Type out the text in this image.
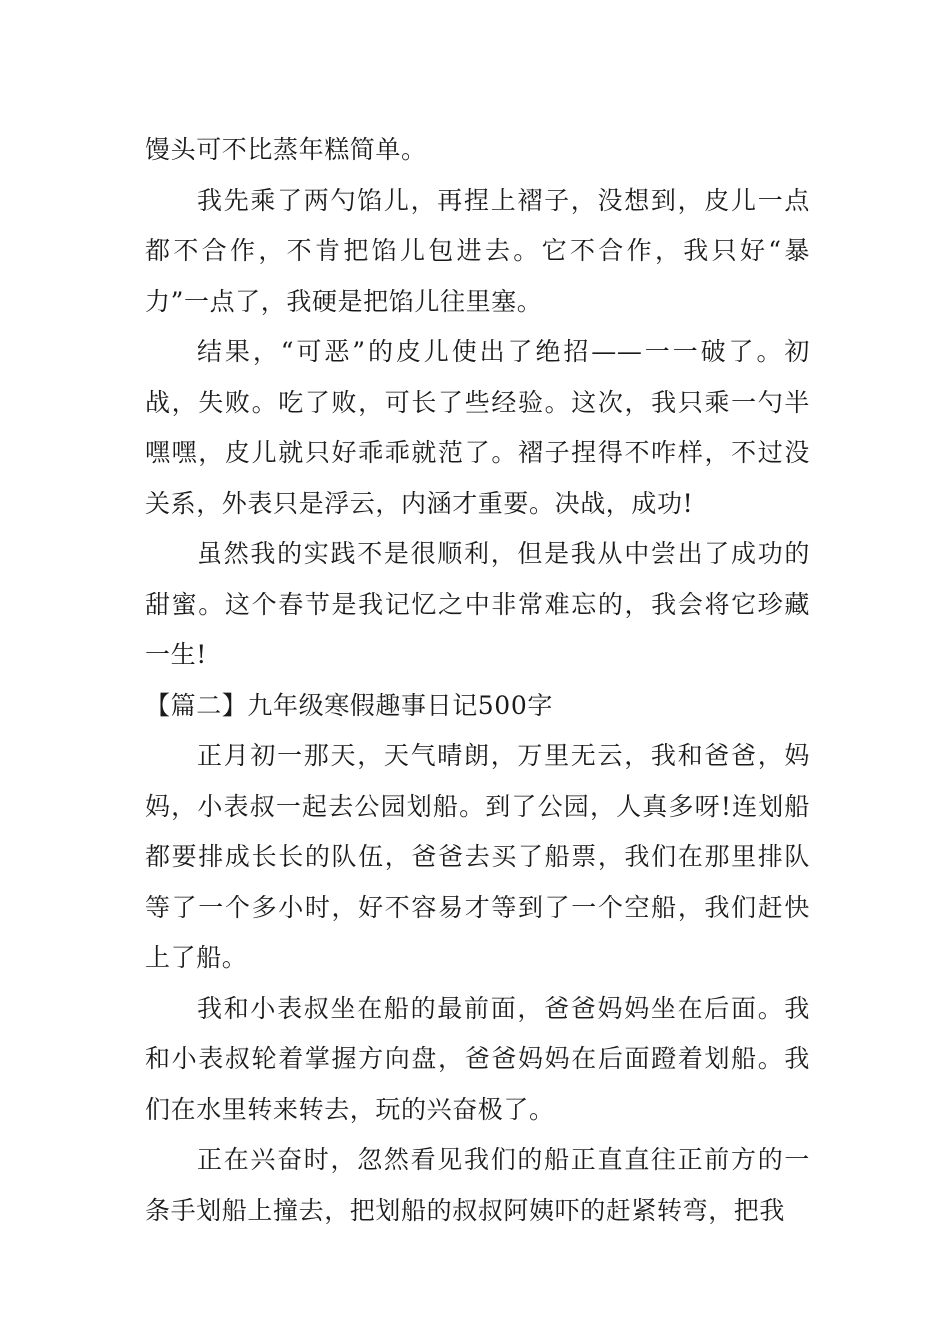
馒头可不比蒸年糕简单。

我先乘了两勺馅儿，再捏上褶子，没想到，皮儿一点都不合作，不肯把馅儿包进去。它不合作，我只好“暴力”一点了，我硬是把馅儿往里塞。

结果，“可恶”的皮儿使出了绝招——一一破了。初战，失败。吃了败，可长了些经验。这次，我只乘一勺半嘿嘿，皮儿就只好乖乖就范了。褶子捏得不咋样，不过没关系，外表只是浮云，内涵才重要。决战，成功!

虽然我的实践不是很顺利，但是我从中尝出了成功的甜蜜。这个春节是我记忆之中非常难忘的，我会将它珍藏一生!

【篇二】九年级寒假趣事日记500字

正月初一那天，天气晴朗，万里无云，我和爸爸，妈妈，小表叔一起去公园划船。到了公园，人真多呀!连划船都要排成长长的队伍，爸爸去买了船票，我们在那里排队等了一个多小时，好不容易才等到了一个空船，我们赶快上了船。

我和小表叔坐在船的最前面，爸爸妈妈坐在后面。我和小表叔轮着掌握方向盘，爸爸妈妈在后面蹬着划船。我们在水里转来转去，玩的兴奋极了。

正在兴奋时，忽然看见我们的船正直直往正前方的一条手划船上撞去，把划船的叔叔阿姨吓的赶紧转弯，把我
